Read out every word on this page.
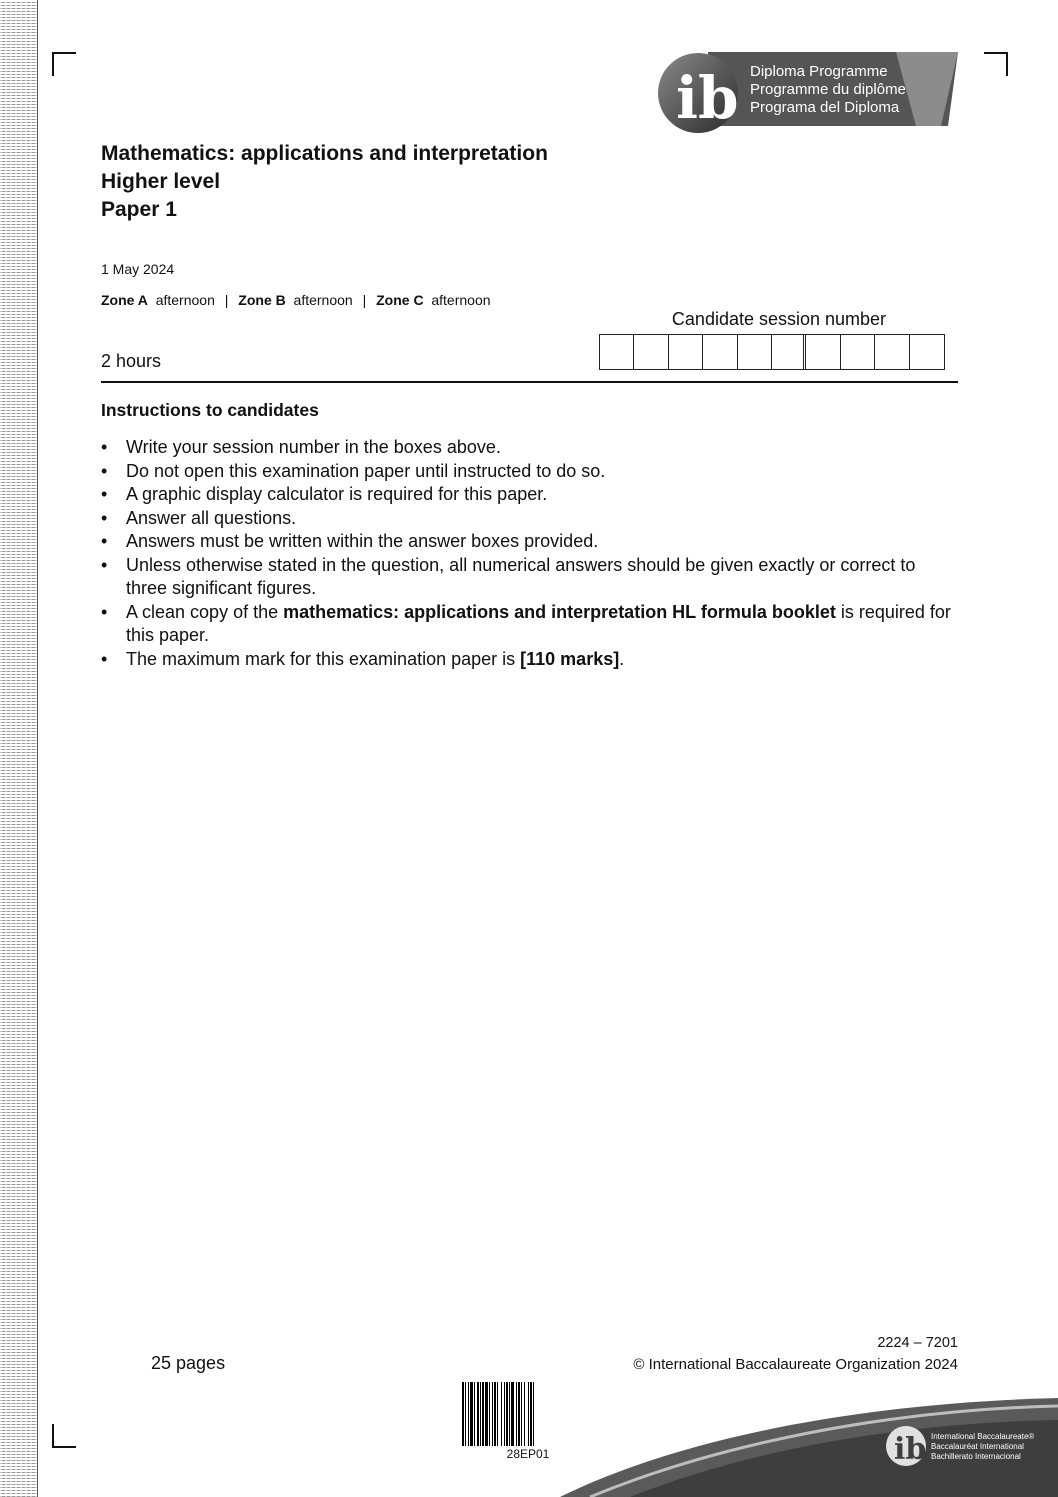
ib Diploma Programme
Programme du diplôme
Programa del Diploma
Mathematics: applications and interpretation
Higher level
Paper 1
1 May 2024
Zone A afternoon | Zone B afternoon | Zone C afternoon
Candidate session number
2 hours
Instructions to candidates
• Write your session number in the boxes above.
• Do not open this examination paper until instructed to do so.
• A graphic display calculator is required for this paper.
• Answer all questions.
• Answers must be written within the answer boxes provided.
• Unless otherwise stated in the question, all numerical answers should be given exactly or correct to three significant figures.
• A clean copy of the mathematics: applications and interpretation HL formula booklet is required for this paper.
• The maximum mark for this examination paper is [110 marks].
25 pages
2224 – 7201
© International Baccalaureate Organization 2024
28EP01	ib International Baccalaureate®
Baccalauréat International
Bachillerato Internacional
